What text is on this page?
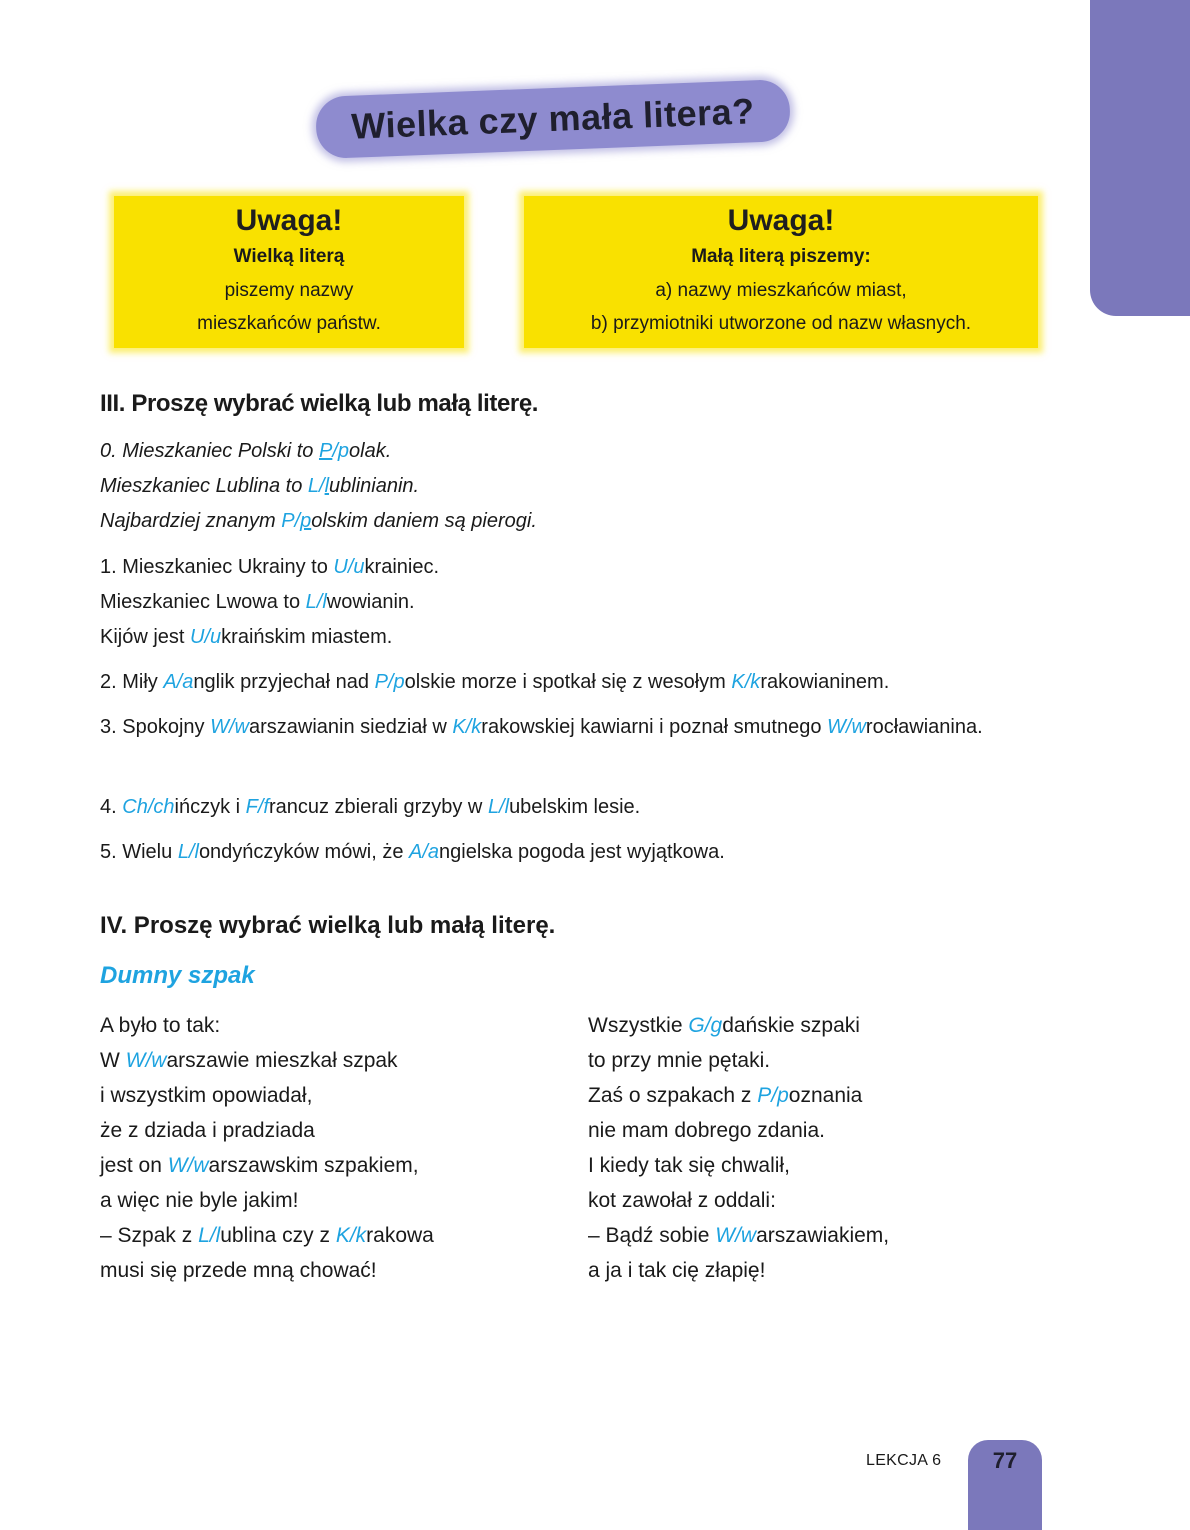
Wielka czy mała litera?
Uwaga!
Wielką literą
piszemy nazwy
mieszkańców państw.
Uwaga!
Małą literą piszemy:
a) nazwy mieszkańców miast,
b) przymiotniki utworzone od nazw własnych.
III. Proszę wybrać wielką lub małą literę.

0. Mieszkaniec Polski to P/polak.

Mieszkaniec Lublina to L/lublinianin.

Najbardziej znanym P/polskim daniem są pierogi.

1. Mieszkaniec Ukrainy to U/ukrainiec.

Mieszkaniec Lwowa to L/lwowianin.

Kijów jest U/ukraińskim miastem.

2. Miły A/anglik przyjechał nad P/polskie morze i spotkał się z wesołym K/krakowianinem.

3. Spokojny W/warszawianin siedział w K/krakowskiej kawiarni i poznał smutnego W/wrocławianina.

4. Ch/chińczyk i F/francuz zbierali grzyby w L/lubelskim lesie.

5. Wielu L/londyńczyków mówi, że A/angielska pogoda jest wyjątkowa.

IV. Proszę wybrać wielką lub małą literę.
Dumny szpak

A było to tak:

W W/warszawie mieszkał szpak

i wszystkim opowiadał,

że z dziada i pradziada

jest on W/warszawskim szpakiem,

a więc nie byle jakim!

– Szpak z L/lublina czy z K/krakowa

musi się przede mną chować!

Wszystkie G/gdańskie szpaki

to przy mnie pętaki.

Zaś o szpakach z P/poznania

nie mam dobrego zdania.

I kiedy tak się chwalił,

kot zawołał z oddali:

– Bądź sobie W/warszawiakiem,

a ja i tak cię złapię!

LEKCJA 6	77
